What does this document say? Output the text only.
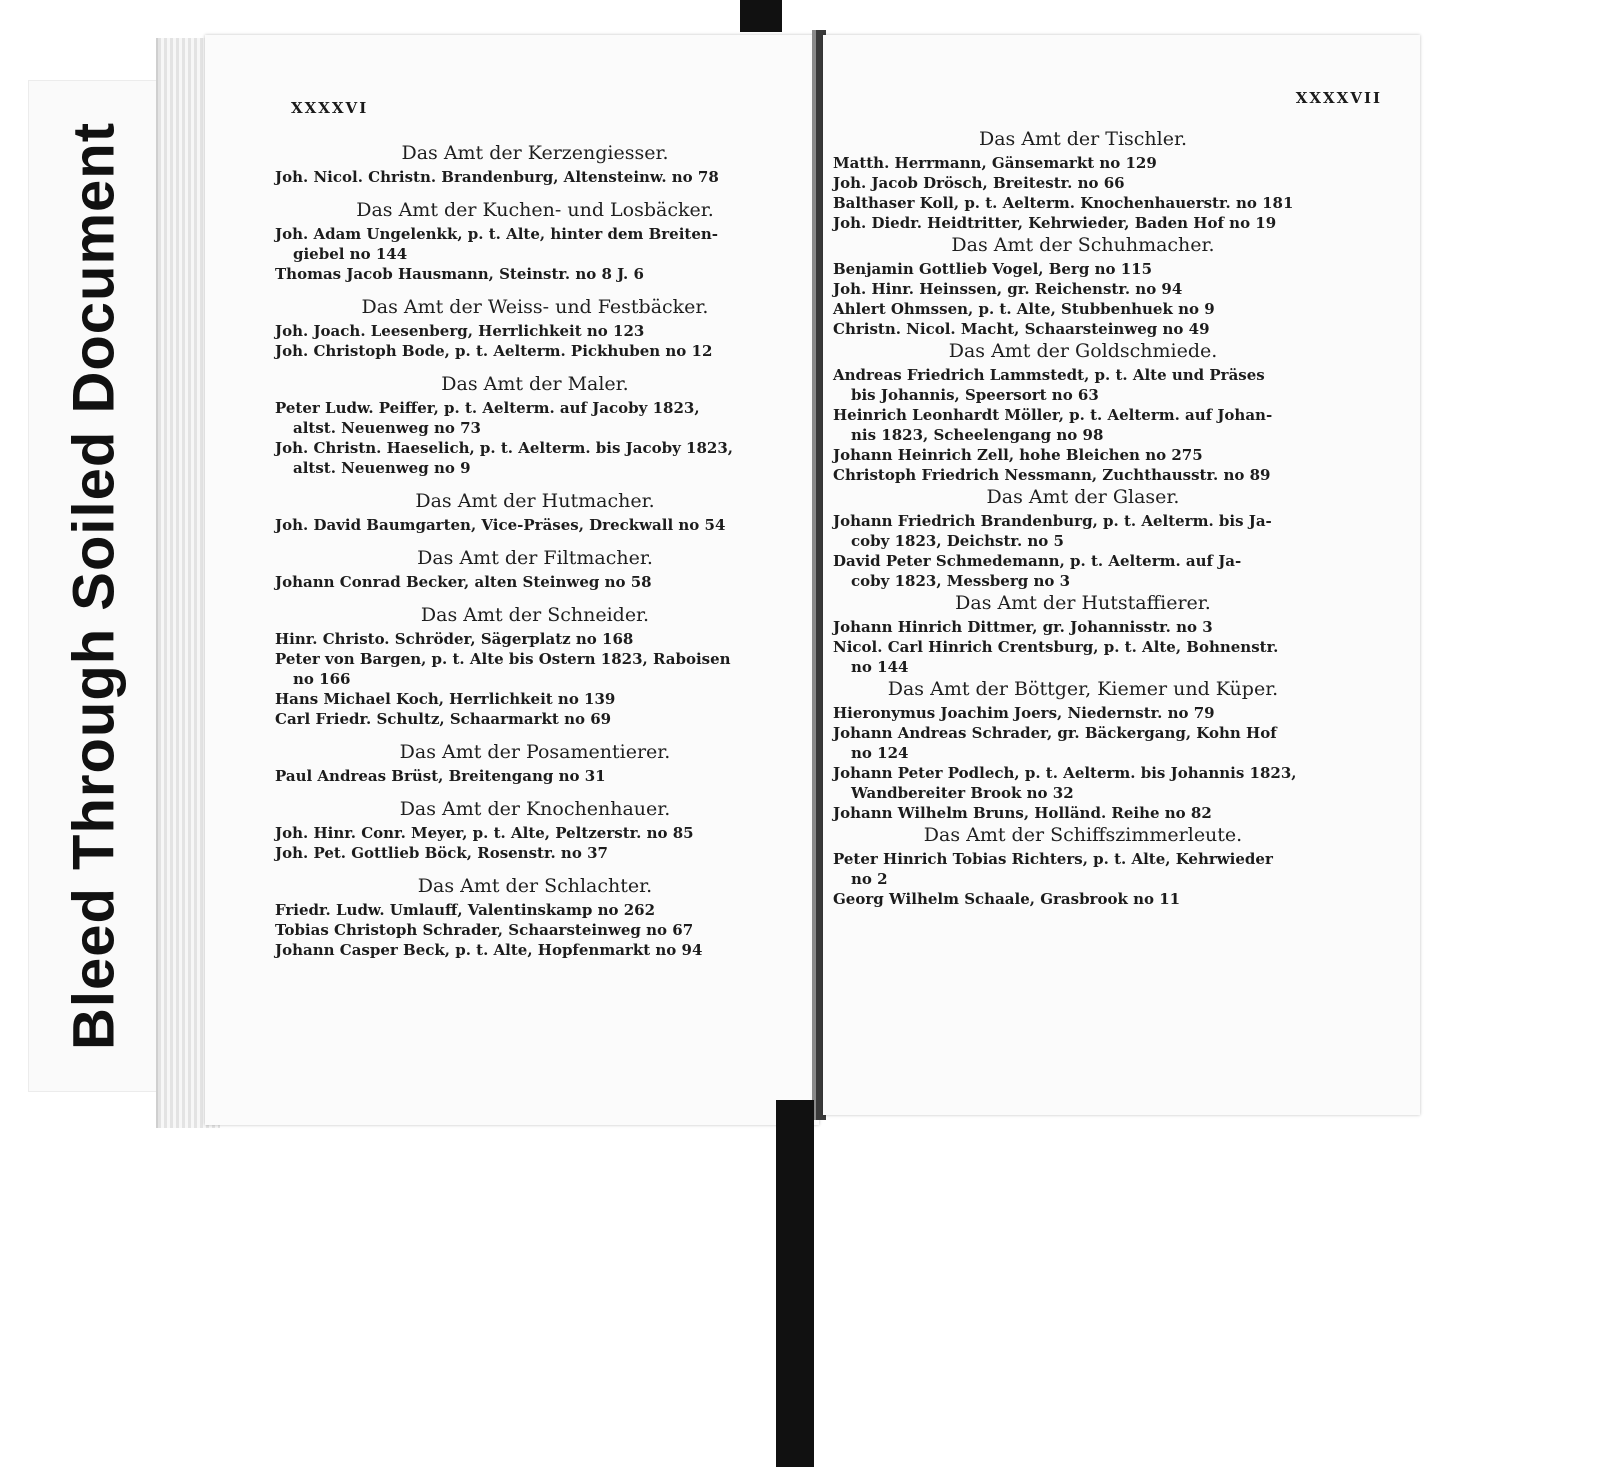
Bleed Through Soiled Document
XXXXVI
Das Amt der Kerzengiesser.
Joh. Nicol. Christn. Brandenburg, Altensteinw. no 78
Das Amt der Kuchen- und Losbäcker.
Joh. Adam Ungelenkk, p. t. Alte, hinter dem Breiten-
giebel no 144
Thomas Jacob Hausmann, Steinstr. no 8 J. 6
Das Amt der Weiss- und Festbäcker.
Joh. Joach. Leesenberg, Herrlichkeit no 123
Joh. Christoph Bode, p. t. Aelterm. Pickhuben no 12
Das Amt der Maler.
Peter Ludw. Peiffer, p. t. Aelterm. auf Jacoby 1823,
altst. Neuenweg no 73
Joh. Christn. Haeselich, p. t. Aelterm. bis Jacoby 1823,
altst. Neuenweg no 9
Das Amt der Hutmacher.
Joh. David Baumgarten, Vice-Präses, Dreckwall no 54
Das Amt der Filtmacher.
Johann Conrad Becker, alten Steinweg no 58
Das Amt der Schneider.
Hinr. Christo. Schröder, Sägerplatz no 168
Peter von Bargen, p. t. Alte bis Ostern 1823, Raboisen
no 166
Hans Michael Koch, Herrlichkeit no 139
Carl Friedr. Schultz, Schaarmarkt no 69
Das Amt der Posamentierer.
Paul Andreas Brüst, Breitengang no 31
Das Amt der Knochenhauer.
Joh. Hinr. Conr. Meyer, p. t. Alte, Peltzerstr. no 85
Joh. Pet. Gottlieb Böck, Rosenstr. no 37
Das Amt der Schlachter.
Friedr. Ludw. Umlauff, Valentinskamp no 262
Tobias Christoph Schrader, Schaarsteinweg no 67
Johann Casper Beck, p. t. Alte, Hopfenmarkt no 94
XXXXVII
Das Amt der Tischler.
Matth. Herrmann, Gänsemarkt no 129
Joh. Jacob Drösch, Breitestr. no 66
Balthaser Koll, p. t. Aelterm. Knochenhauerstr. no 181
Joh. Diedr. Heidtritter, Kehrwieder, Baden Hof no 19
Das Amt der Schuhmacher.
Benjamin Gottlieb Vogel, Berg no 115
Joh. Hinr. Heinssen, gr. Reichenstr. no 94
Ahlert Ohmssen, p. t. Alte, Stubbenhuek no 9
Christn. Nicol. Macht, Schaarsteinweg no 49
Das Amt der Goldschmiede.
Andreas Friedrich Lammstedt, p. t. Alte und Präses
bis Johannis, Speersort no 63
Heinrich Leonhardt Möller, p. t. Aelterm. auf Johan-
nis 1823, Scheelengang no 98
Johann Heinrich Zell, hohe Bleichen no 275
Christoph Friedrich Nessmann, Zuchthausstr. no 89
Das Amt der Glaser.
Johann Friedrich Brandenburg, p. t. Aelterm. bis Ja-
coby 1823, Deichstr. no 5
David Peter Schmedemann, p. t. Aelterm. auf Ja-
coby 1823, Messberg no 3
Das Amt der Hutstaffierer.
Johann Hinrich Dittmer, gr. Johannisstr. no 3
Nicol. Carl Hinrich Crentsburg, p. t. Alte, Bohnenstr.
no 144
Das Amt der Böttger, Kiemer und Küper.
Hieronymus Joachim Joers, Niedernstr. no 79
Johann Andreas Schrader, gr. Bäckergang, Kohn Hof
no 124
Johann Peter Podlech, p. t. Aelterm. bis Johannis 1823,
Wandbereiter Brook no 32
Johann Wilhelm Bruns, Holländ. Reihe no 82
Das Amt der Schiffszimmerleute.
Peter Hinrich Tobias Richters, p. t. Alte, Kehrwieder
no 2
Georg Wilhelm Schaale, Grasbrook no 11
